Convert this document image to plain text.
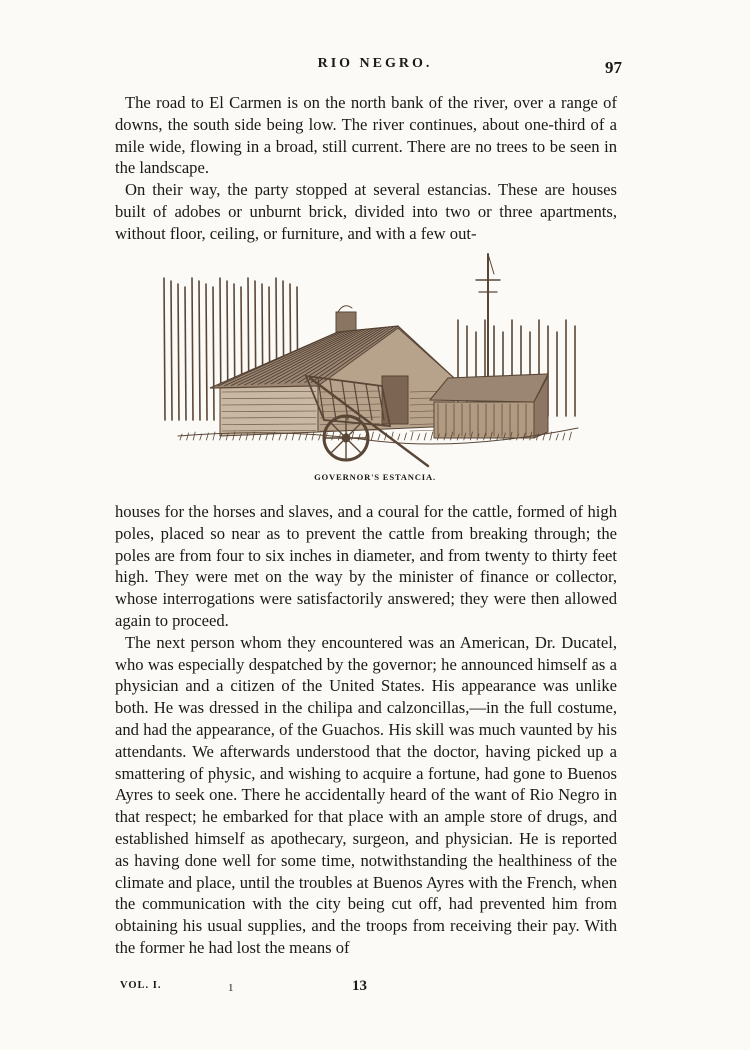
RIO NEGRO.	97

The road to El Carmen is on the north bank of the river, over a range of downs, the south side being low. The river continues, about one-third of a mile wide, flowing in a broad, still current. There are no trees to be seen in the landscape.

On their way, the party stopped at several estancias. These are houses built of adobes or unburnt brick, divided into two or three apartments, without floor, ceiling, or furniture, and with a few out-

GOVERNOR'S ESTANCIA.

houses for the horses and slaves, and a coural for the cattle, formed of high poles, placed so near as to prevent the cattle from breaking through; the poles are from four to six inches in diameter, and from twenty to thirty feet high. They were met on the way by the minister of finance or collector, whose interrogations were satisfactorily answered; they were then allowed again to proceed.

The next person whom they encountered was an American, Dr. Ducatel, who was especially despatched by the governor; he announced himself as a physician and a citizen of the United States. His appearance was unlike both. He was dressed in the chilipa and calzoncillas,—in the full costume, and had the appearance, of the Guachos. His skill was much vaunted by his attendants. We afterwards understood that the doctor, having picked up a smattering of physic, and wishing to acquire a fortune, had gone to Buenos Ayres to seek one. There he accidentally heard of the want of Rio Negro in that respect; he embarked for that place with an ample store of drugs, and established himself as apothecary, surgeon, and physician. He is reported as having done well for some time, notwithstanding the healthiness of the climate and place, until the troubles at Buenos Ayres with the French, when the communication with the city being cut off, had prevented him from obtaining his usual supplies, and the troops from receiving their pay. With the former he had lost the means of

VOL. I.	1	13
